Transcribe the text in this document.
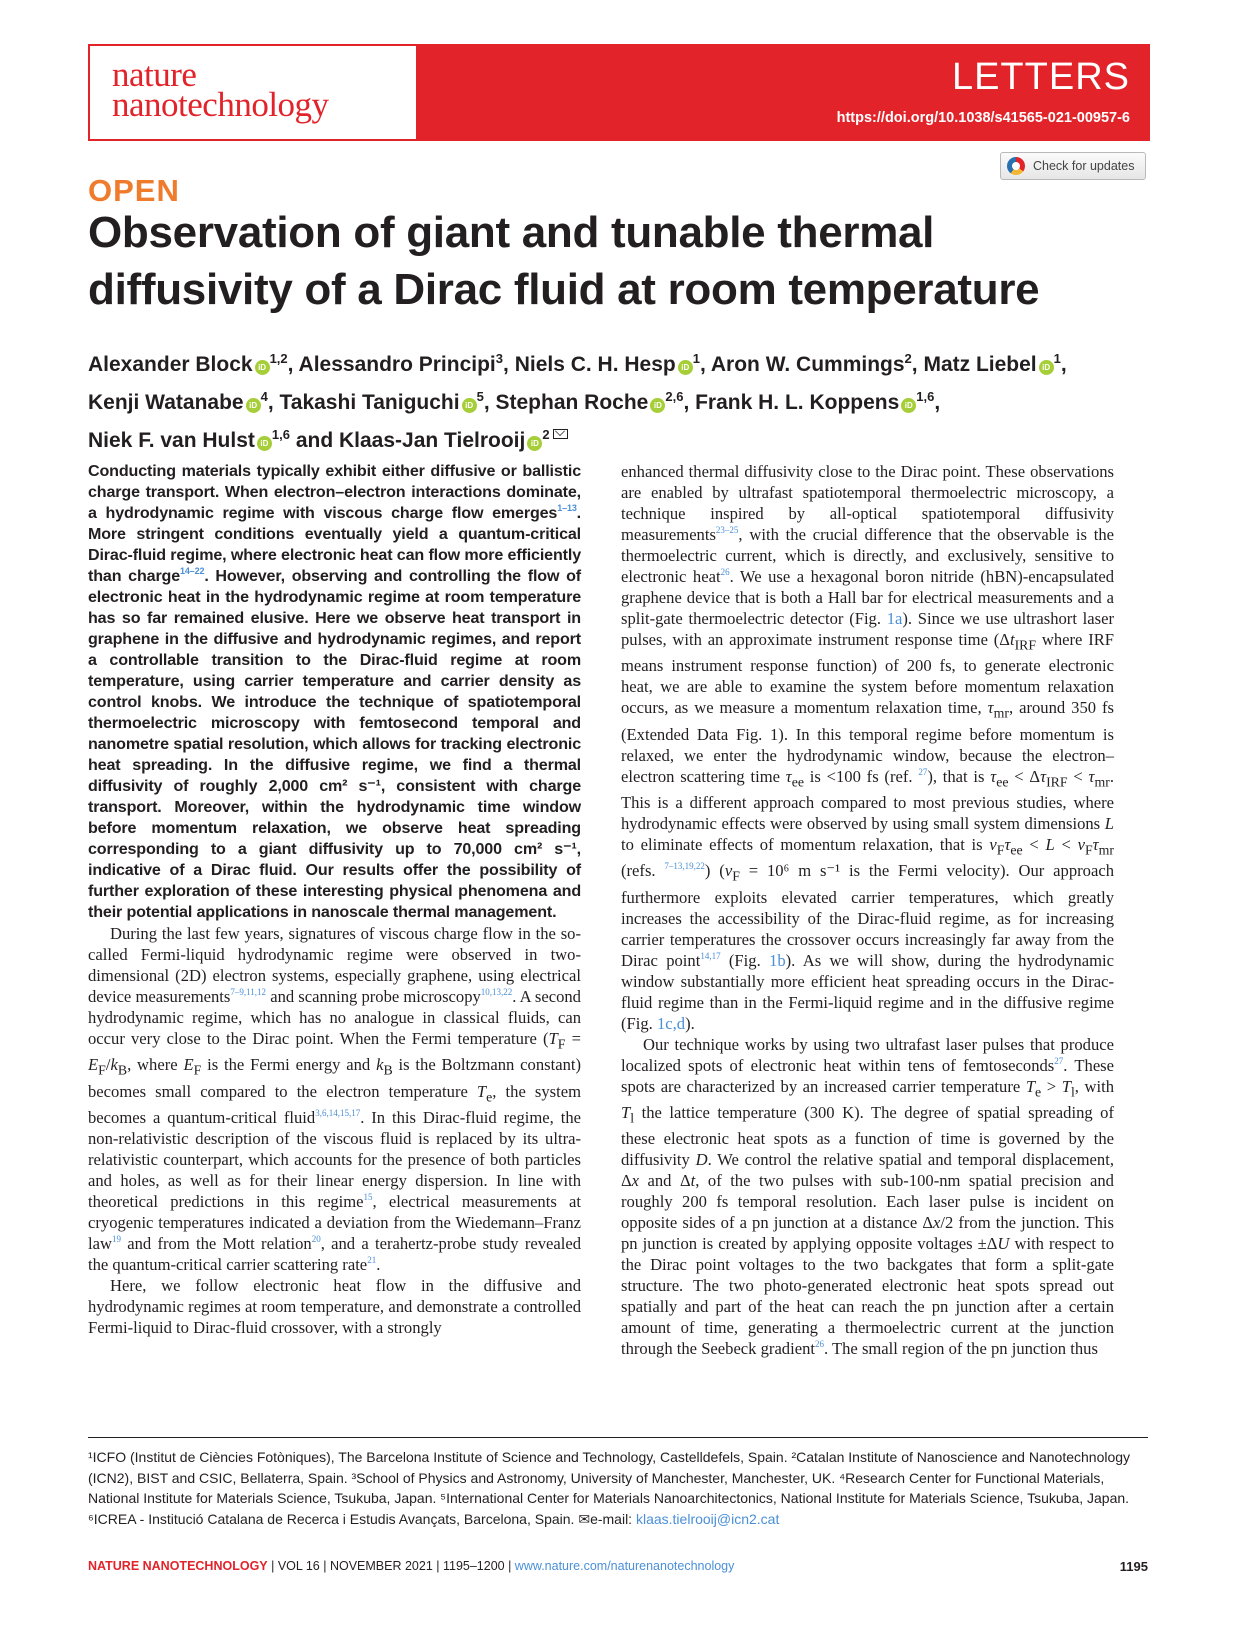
nature
nanotechnology
LETTERS
https://doi.org/10.1038/s41565-021-00957-6
Check for updates
OPEN
Observation of giant and tunable thermal diffusivity of a Dirac fluid at room temperature
Alexander Block iD$^{1,2}$, Alessandro Principi$^3$, Niels C. H. Hesp $iD^1$, Aron W. Cummings$^2$, Matz Liebel $iD^1$,
Kenji Watanabe $iD^4$, Takashi Taniguchi $iD^5$, Stephan Roche iD$^{2,6}$, Frank H. L. Koppens iD$^{1,6}$,
Niek F. van Hulst iD$^{1,6}$ and Klaas-Jan Tielrooij $iD^2$

Conducting materials typically exhibit either diffusive or ballistic charge transport. When electron–electron interactions dominate, a hydrodynamic regime with viscous charge flow emerges$^{1-13}$. More stringent conditions eventually yield a quantum-critical Dirac-fluid regime, where electronic heat can flow more efficiently than charge$^{14-22}$. However, observing and controlling the flow of electronic heat in the hydrodynamic regime at room temperature has so far remained elusive. Here we observe heat transport in graphene in the diffusive and hydrodynamic regimes, and report a controllable transition to the Dirac-fluid regime at room temperature, using carrier temperature and carrier density as control knobs. We introduce the technique of spatiotemporal thermoelectric microscopy with femtosecond temporal and nanometre spatial resolution, which allows for tracking electronic heat spreading. In the diffusive regime, we find a thermal diffusivity of roughly 2,000 cm² s⁻¹, consistent with charge transport. Moreover, within the hydrodynamic time window before momentum relaxation, we observe heat spreading corresponding to a giant diffusivity up to 70,000 cm² s⁻¹, indicative of a Dirac fluid. Our results offer the possibility of further exploration of these interesting physical phenomena and their potential applications in nanoscale thermal management.

During the last few years, signatures of viscous charge flow in the so-called Fermi-liquid hydrodynamic regime were observed in two-dimensional (2D) electron systems, especially graphene, using electrical device measurements$^{7-9,11,12}$ and scanning probe microscopy$^{10,13,22}$. A second hydrodynamic regime, which has no analogue in classical fluids, can occur very close to the Dirac point. When the Fermi temperature ($T_F = E_F/k_B$, where $E_F$ is the Fermi energy and $k_B$ is the Boltzmann constant) becomes small compared to the electron temperature $T_e$, the system becomes a quantum-critical fluid$^{3,6,14,15,17}$. In this Dirac-fluid regime, the non-relativistic description of the viscous fluid is replaced by its ultra-relativistic counterpart, which accounts for the presence of both particles and holes, as well as for their linear energy dispersion. In line with theoretical predictions in this regime$^{15}$, electrical measurements at cryogenic temperatures indicated a deviation from the Wiedemann–Franz law$^{19}$ and from the Mott relation$^{20}$, and a terahertz-probe study revealed the quantum-critical carrier scattering rate$^{21}$.

Here, we follow electronic heat flow in the diffusive and hydrodynamic regimes at room temperature, and demonstrate a controlled Fermi-liquid to Dirac-fluid crossover, with a strongly

enhanced thermal diffusivity close to the Dirac point. These observations are enabled by ultrafast spatiotemporal thermoelectric microscopy, a technique inspired by all-optical spatiotemporal diffusivity measurements$^{23-25}$, with the crucial difference that the observable is the thermoelectric current, which is directly, and exclusively, sensitive to electronic heat$^{26}$. We use a hexagonal boron nitride (hBN)-encapsulated graphene device that is both a Hall bar for electrical measurements and a split-gate thermoelectric detector (Fig. 1a). Since we use ultrashort laser pulses, with an approximate instrument response time ($\Delta t_{IRF}$ where IRF means instrument response function) of 200 fs, to generate electronic heat, we are able to examine the system before momentum relaxation occurs, as we measure a momentum relaxation time, $\tau_{mr}$, around 350 fs (Extended Data Fig. 1). In this temporal regime before momentum is relaxed, we enter the hydrodynamic window, because the electron–electron scattering time $\tau_{ee}$ is <100 fs (ref. $^{27}$), that is $\tau_{ee} < \Delta\tau_{IRF} < \tau_{mr}$. This is a different approach compared to most previous studies, where hydrodynamic effects were observed by using small system dimensions L to eliminate effects of momentum relaxation, that is $v_F\tau_{ee} < L < v_F\tau_{mr}$ (refs. $^{7-13,19,22}$) ($v_F = 10^6$ m s⁻¹ is the Fermi velocity). Our approach furthermore exploits elevated carrier temperatures, which greatly increases the accessibility of the Dirac-fluid regime, as for increasing carrier temperatures the crossover occurs increasingly far away from the Dirac point$^{14,17}$ (Fig. 1b). As we will show, during the hydrodynamic window substantially more efficient heat spreading occurs in the Dirac-fluid regime than in the Fermi-liquid regime and in the diffusive regime (Fig. 1c,d).

Our technique works by using two ultrafast laser pulses that produce localized spots of electronic heat within tens of femtoseconds$^{27}$. These spots are characterized by an increased carrier temperature $T_e > T_l$, with $T_l$ the lattice temperature (300 K). The degree of spatial spreading of these electronic heat spots as a function of time is governed by the diffusivity D. We control the relative spatial and temporal displacement, Δx and Δt, of the two pulses with sub-100-nm spatial precision and roughly 200 fs temporal resolution. Each laser pulse is incident on opposite sides of a pn junction at a distance Δx/2 from the junction. This pn junction is created by applying opposite voltages ±ΔU with respect to the Dirac point voltages to the two backgates that form a split-gate structure. The two photo-generated electronic heat spots spread out spatially and part of the heat can reach the pn junction after a certain amount of time, generating a thermoelectric current at the junction through the Seebeck gradient$^{26}$. The small region of the pn junction thus

¹ICFO (Institut de Ciències Fotòniques), The Barcelona Institute of Science and Technology, Castelldefels, Spain. ²Catalan Institute of Nanoscience and Nanotechnology (ICN2), BIST and CSIC, Bellaterra, Spain. ³School of Physics and Astronomy, University of Manchester, Manchester, UK. ⁴Research Center for Functional Materials, National Institute for Materials Science, Tsukuba, Japan. ⁵International Center for Materials Nanoarchitectonics, National Institute for Materials Science, Tsukuba, Japan. ⁶ICREA - Institució Catalana de Recerca i Estudis Avançats, Barcelona, Spain. ✉e-mail: klaas.tielrooij@icn2.cat
NATURE NANOTECHNOLOGY | VOL 16 | NOVEMBER 2021 | 1195–1200 | www.nature.com/naturenanotechnology	1195
